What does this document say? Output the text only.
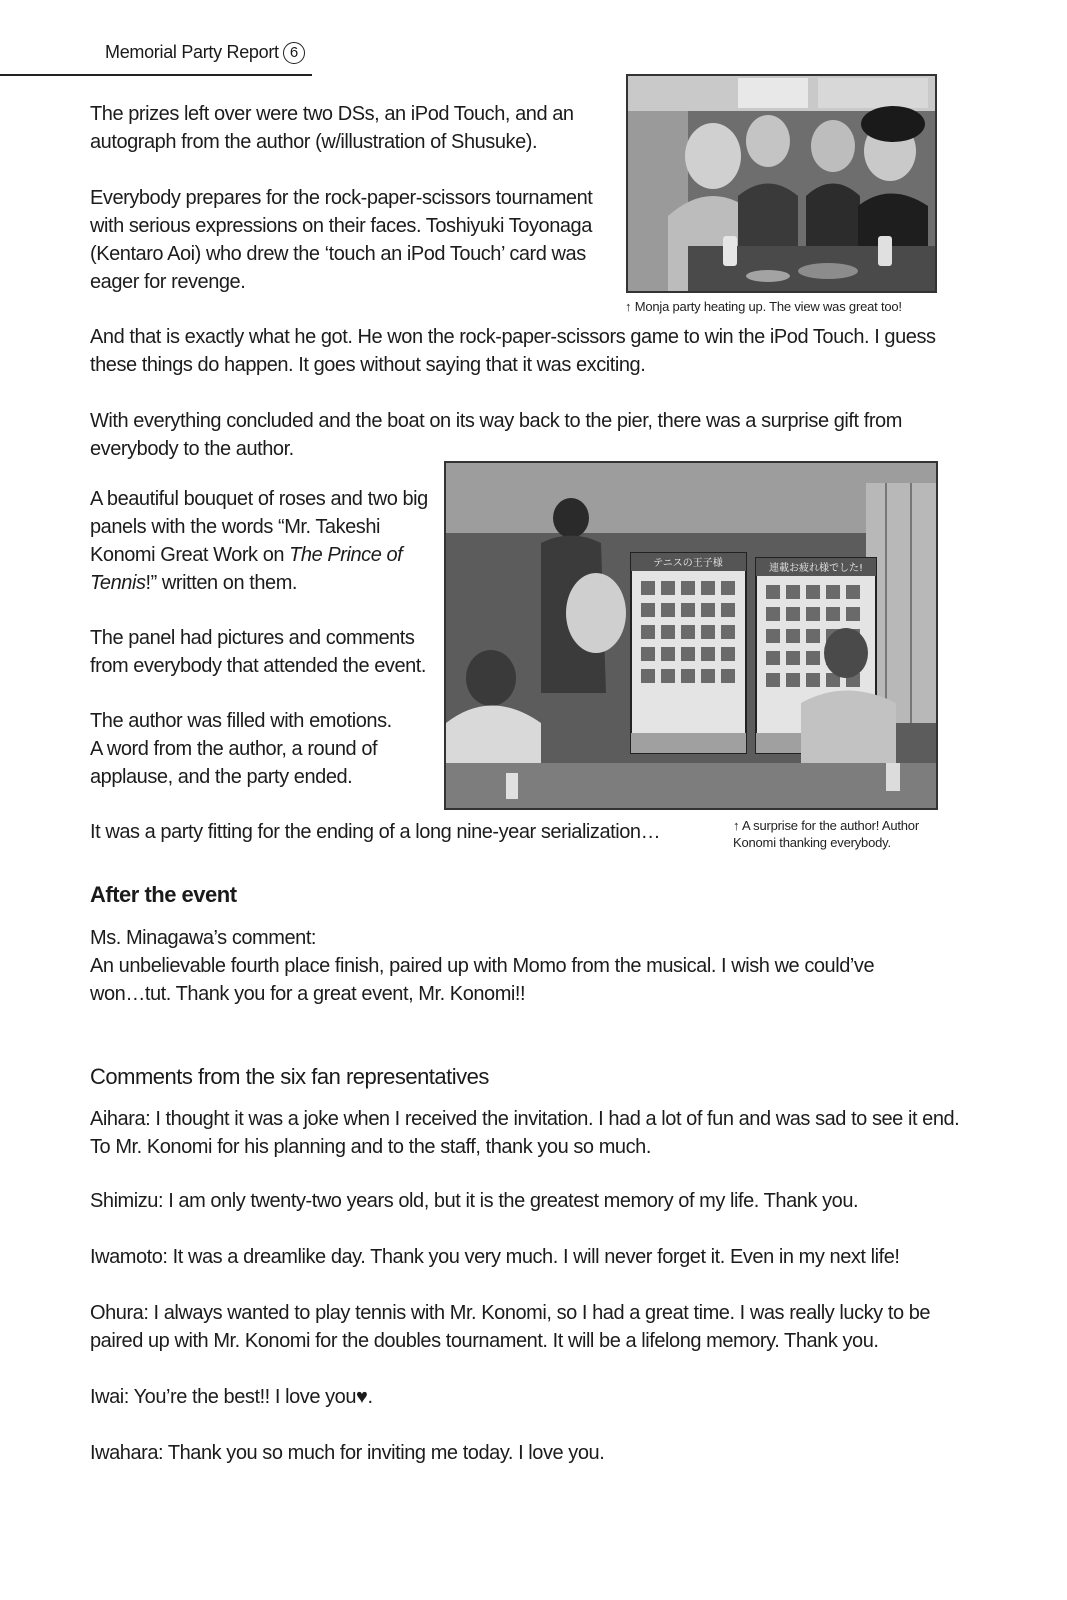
Memorial Party Report 6

The prizes left over were two DSs, an iPod Touch, and an autograph from the author (w/illustration of Shusuke).

Everybody prepares for the rock-paper-scissors tournament with serious expressions on their faces. Toshiyuki Toyonaga (Kentaro Aoi) who drew the ‘touch an iPod Touch’ card was eager for revenge.

↑ Monja party heating up. The view was great too!

And that is exactly what he got. He won the rock-paper-scissors game to win the iPod Touch. I guess these things do happen. It goes without saying that it was exciting.

With everything concluded and the boat on its way back to the pier, there was a surprise gift from everybody to the author.

テニスの王子様	連載お疲れ様でした!

A beautiful bouquet of roses and two big panels with the words “Mr. Takeshi Konomi Great Work on The Prince of Tennis!” written on them.

The panel had pictures and comments from everybody that attended the event.

The author was filled with emotions.
A word from the author, a round of applause, and the party ended.

It was a party fitting for the ending of a long nine-year serialization…	↑ A surprise for the author! Author Konomi thanking everybody.
After the event

Ms. Minagawa’s comment:

An unbelievable fourth place finish, paired up with Momo from the musical. I wish we could’ve won…tut. Thank you for a great event, Mr. Konomi!!

Comments from the six fan representatives

Aihara: I thought it was a joke when I received the invitation. I had a lot of fun and was sad to see it end. To Mr. Konomi for his planning and to the staff, thank you so much.

Shimizu: I am only twenty-two years old, but it is the greatest memory of my life. Thank you.

Iwamoto: It was a dreamlike day. Thank you very much. I will never forget it. Even in my next life!

Ohura: I always wanted to play tennis with Mr. Konomi, so I had a great time. I was really lucky to be paired up with Mr. Konomi for the doubles tournament. It will be a lifelong memory. Thank you.

Iwai: You’re the best!! I love you♥.

Iwahara: Thank you so much for inviting me today. I love you.
